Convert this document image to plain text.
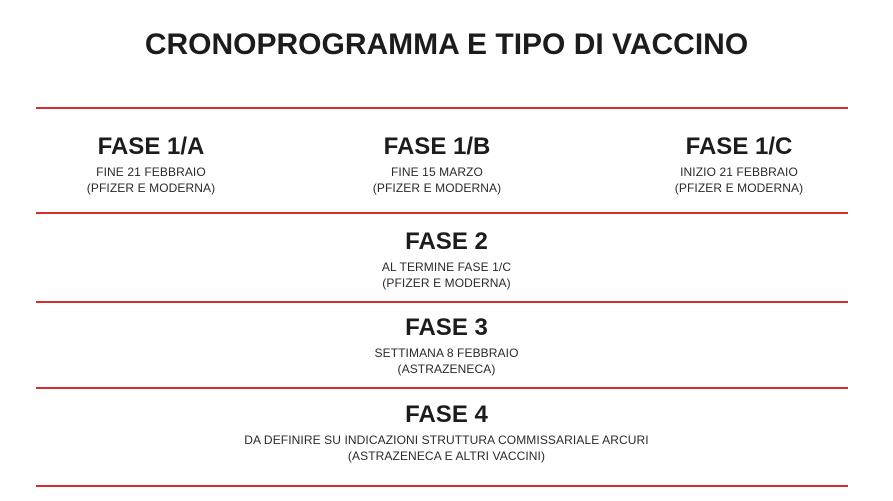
CRONOPROGRAMMA E TIPO DI VACCINO
FASE 1/A
FINE 21 FEBBRAIO
(PFIZER E MODERNA)
FASE 1/B
FINE 15 MARZO
(PFIZER E MODERNA)
FASE 1/C
INIZIO 21 FEBBRAIO
(PFIZER E MODERNA)
FASE 2
AL TERMINE FASE 1/C
(PFIZER E MODERNA)
FASE 3
SETTIMANA 8 FEBBRAIO
(ASTRAZENECA)
FASE 4
DA DEFINIRE SU INDICAZIONI STRUTTURA COMMISSARIALE ARCURI
(ASTRAZENECA E ALTRI VACCINI)
